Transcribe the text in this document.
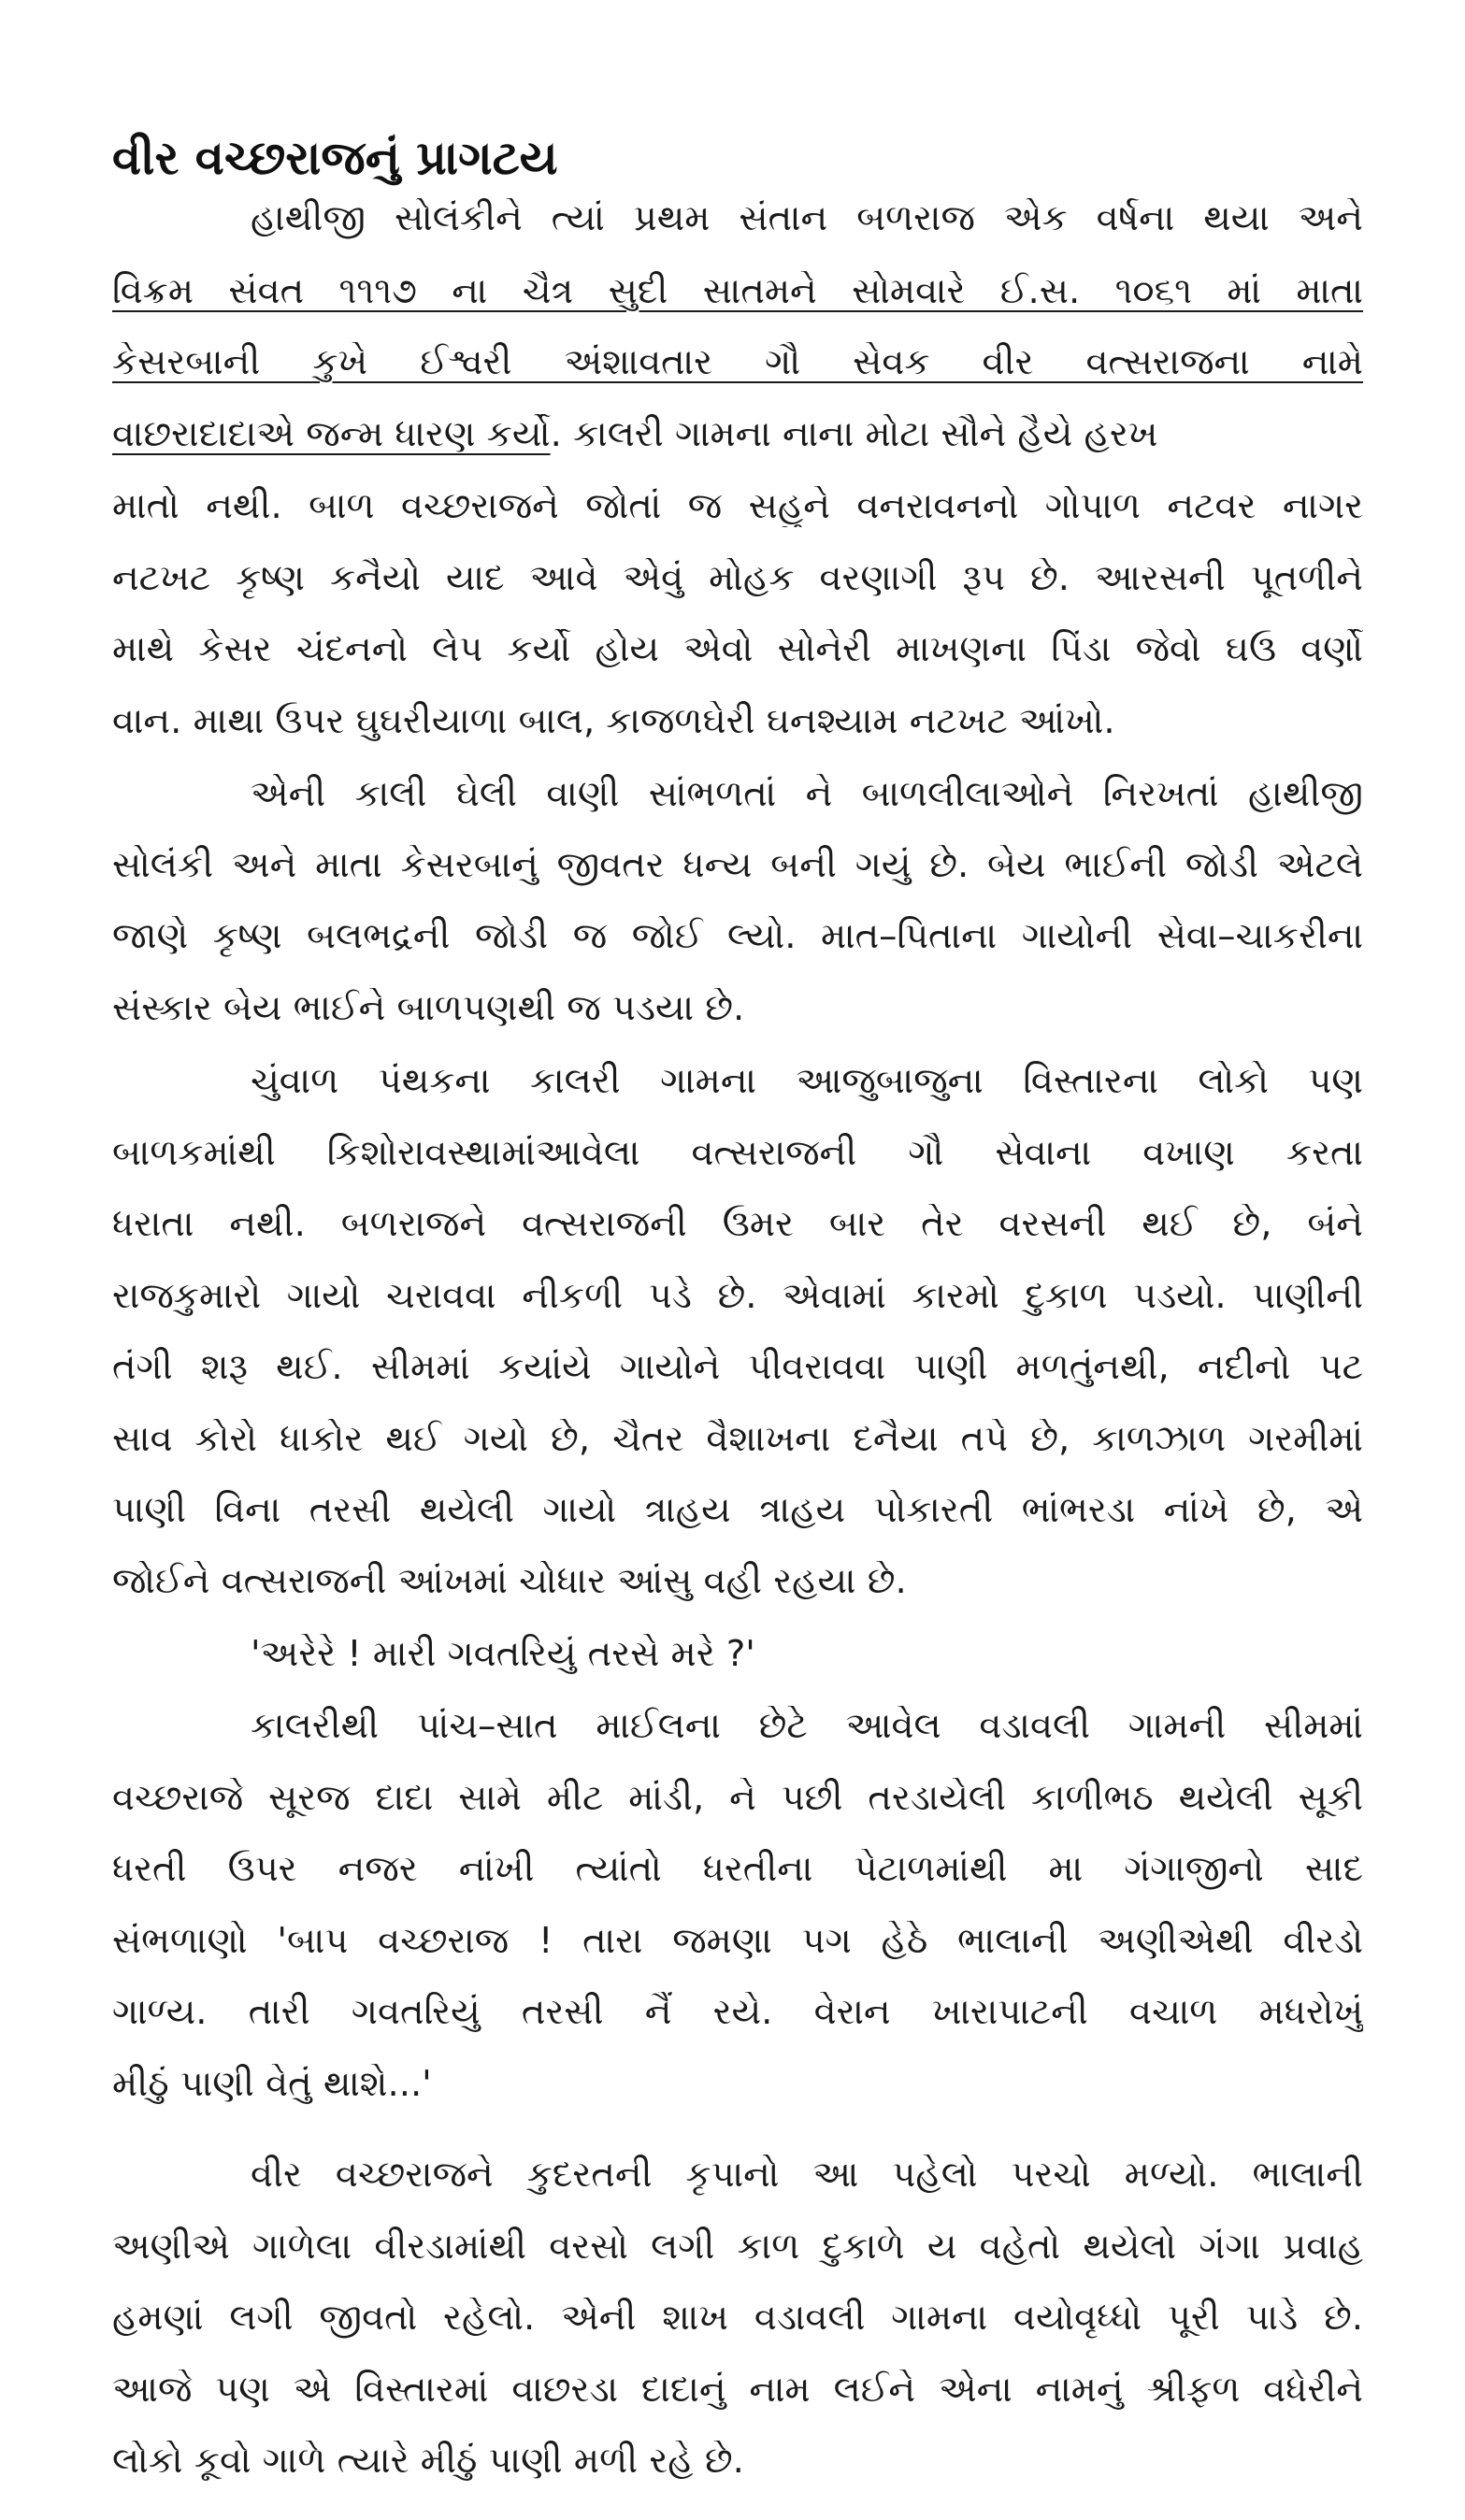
વીર વચ્છરાજનું પ્રાગટય
હાથીજી સોલંકીને ત્યાં પ્રથમ સંતાન બળરાજ એક વર્ષના થયા અને
વિક્રમ સંવત ૧૧૧૭ ના ચૈત્ર સુદી સાતમને સોમવારે ઈ.સ. ૧૦૬૧ માં માતા
કેસરબાની કુખે ઈશ્વરી અંશાવતાર ગૌ સેવક વીર વત્સરાજના નામે
વાછરાદાદાએ જન્મ ધારણ કર્યો. કાલરી ગામના નાના મોટા સૌને હૈયે હરખ
માતો નથી. બાળ વચ્છરાજને જોતાં જ સહુને વનરાવનનો ગોપાળ નટવર નાગર
નટખટ કૃષ્ણ કનૈયો યાદ આવે એવું મોહક વરણાગી રૂપ છે. આરસની પૂતળીને
માથે કેસર ચંદનનો લેપ કર્યો હોય એવો સોનેરી માખણના પિંડા જેવો ઘઉં વર્ણો
વાન. માથા ઉપર ઘુઘરીયાળા બાલ, કાજળઘેરી ઘનશ્યામ નટખટ આંખો.
એની કાલી ઘેલી વાણી સાંભળતાં ને બાળલીલાઓને નિરખતાં હાથીજી
સોલંકી અને માતા કેસરબાનું જીવતર ધન્ય બની ગયું છે. બેય ભાઈની જોડી એટલે
જાણે કૃષ્ણ બલભદ્રની જોડી જ જોઈ લ્યો. માત–પિતાના ગાયોની સેવા–ચાકરીના
સંસ્કાર બેય ભાઈને બાળપણથી જ પડયા છે.
ચુંવાળ પંથકના કાલરી ગામના આજુબાજુના વિસ્તારના લોકો પણ
બાળકમાંથી કિશોરાવસ્થામાંઆવેલા વત્સરાજની ગૌ સેવાના વખાણ કરતા
ધરાતા નથી. બળરાજને વત્સરાજની ઉંમર બાર તેર વરસની થઈ છે, બંને
રાજકુમારો ગાયો ચરાવવા નીકળી પડે છે. એવામાં કારમો દુકાળ પડયો. પાણીની
તંગી શરૂ થઈ. સીમમાં કયાંયે ગાયોને પીવરાવવા પાણી મળતુંનથી, નદીનો પટ
સાવ કોરો ધાકોર થઈ ગયો છે, ચૈતર વૈશાખના દનૈયા તપે છે, કાળઝાળ ગરમીમાં
પાણી વિના તરસી થયેલી ગાયો ત્રાહય ત્રાહય પોકારતી ભાંભરડા નાંખે છે, એ
જોઈને વત્સરાજની આંખમાં ચોધાર આંસુ વહી રહયા છે.
'અરેરે ! મારી ગવતરિયું તરસે મરે ?'
કાલરીથી પાંચ–સાત માઈલના છેટે આવેલ વડાવલી ગામની સીમમાં
વચ્છરાજે સૂરજ દાદા સામે મીટ માંડી, ને પછી તરડાયેલી કાળીભઠ થયેલી સૂકી
ધરતી ઉપર નજર નાંખી ત્યાંતો ધરતીના પેટાળમાંથી મા ગંગાજીનો સાદ
સંભળાણો 'બાપ વચ્છરાજ ! તારા જમણા પગ હેઠે ભાલાની અણીએથી વીરડો
ગાળ્ય. તારી ગવતરિયું તરસી નૈં રયે. વેરાન ખારાપાટની વચાળ મધરોખું
મીઠું પાણી વેતું થાશે...'
વીર વચ્છરાજને કુદરતની કૃપાનો આ પહેલો પરચો મળ્યો. ભાલાની
અણીએ ગાળેલા વીરડામાંથી વરસો લગી કાળ દુકાળે ય વહેતો થયેલો ગંગા પ્રવાહ
હમણાં લગી જીવતો રહેલો. એની શાખ વડાવલી ગામના વયોવૃધ્ધો પૂરી પાડે છે.
આજે પણ એ વિસ્તારમાં વાછરડા દાદાનું નામ લઈને એના નામનું શ્રીફળ વધેરીને
લોકો કૂવો ગાળે ત્યારે મીઠું પાણી મળી રહે છે.
